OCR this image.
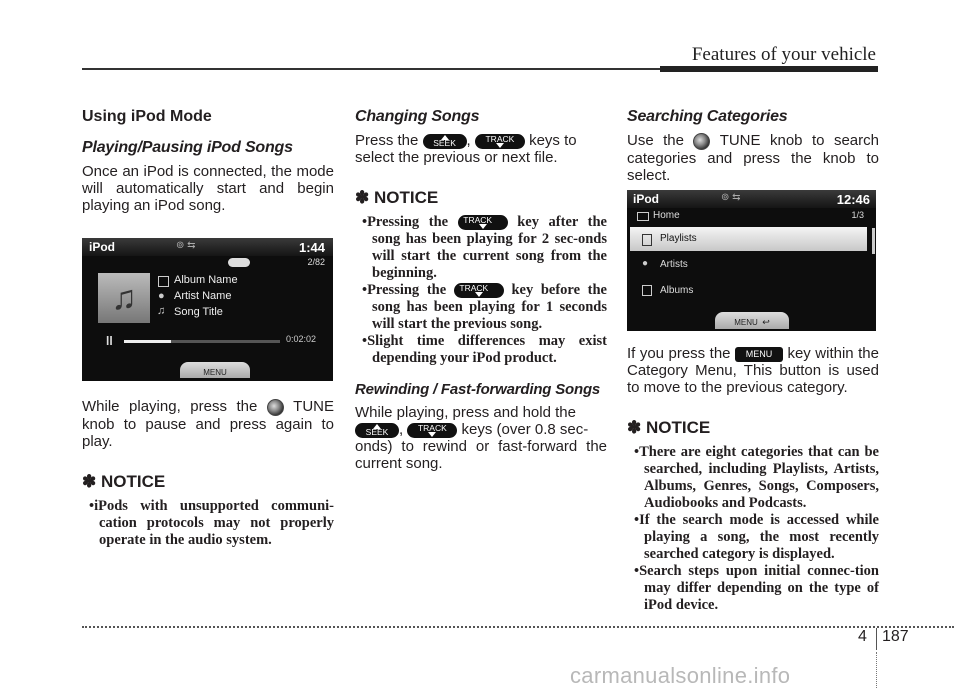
Features of your vehicle
Using iPod Mode
Playing/Pausing iPod Songs

Once an iPod is connected, the mode will automatically start and begin playing an iPod song.

iPod	⊚ ⇆	1:44
2/82
♫	Album Name
● Artist Name
♫ Song Title
ll	0:02:02
MENU

While playing, press the TUNE knob to pause and press again to play.

✽ NOTICE
• iPods with unsupported communi-cation protocols may not properly operate in the audio system.
Changing Songs

Press the SEEK , TRACK keys to
select the previous or next file.

✽ NOTICE
• Pressing the TRACK key after the song has been playing for 2 sec-onds will start the current song from the beginning.
• Pressing the TRACK key before the song has been playing for 1 seconds will start the previous song.
• Slight time differences may exist depending your iPod product.
Rewinding / Fast-forwarding Songs

While playing, press and hold the

SEEK , TRACK keys (over 0.8 sec-
onds) to rewind or fast-forward the current song.

Searching Categories

Use the TUNE knob to search categories and press the knob to select.

iPod	⊚ ⇆	12:46
Home	1/3
Playlists
● Artists
Albums
MENU ↩

If you press the MENU key within the Category Menu, This button is used to move to the previous category.

✽ NOTICE
• There are eight categories that can be searched, including Playlists, Artists, Albums, Genres, Songs, Composers, Audiobooks and Podcasts.
• If the search mode is accessed while playing a song, the most recently searched category is displayed.
• Search steps upon initial connec-tion may differ depending on the type of iPod device.
4 187
carmanualsonline.info
